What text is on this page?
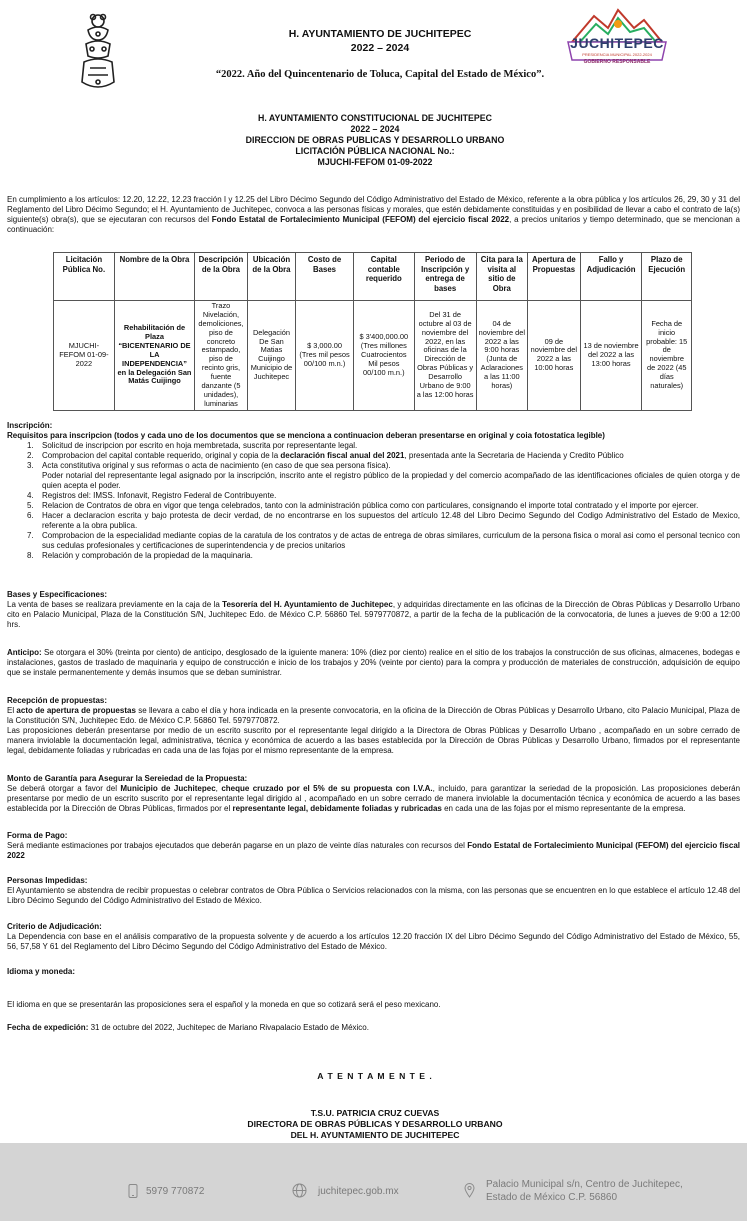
H. AYUNTAMIENTO DE JUCHITEPEC
2022 – 2024
“2022. Año del Quincentenario de Toluca, Capital del Estado de México”.
JUCHITEPEC
PRESIDENCIA MUNICIPAL 2022-2024
GOBIERNO RESPONSABLE
H. AYUNTAMIENTO CONSTITUCIONAL DE JUCHITEPEC
2022 – 2024
DIRECCION DE OBRAS PUBLICAS Y DESARROLLO URBANO
LICITACIÓN PÚBLICA NACIONAL No.:
MJUCHI-FEFOM 01-09-2022
En cumplimiento a los artículos: 12.20, 12.22, 12.23 fracción I y 12.25 del Libro Décimo Segundo del Código Administrativo del Estado de México, referente a la obra pública y los artículos 26, 29, 30 y 31 del Reglamento del Libro Décimo Segundo; el H. Ayuntamiento de Juchitepec, convoca a las personas físicas y morales, que estén debidamente constituidas y en posibilidad de llevar a cabo el contrato de la(s) siguiente(s) obra(s), que se ejecutaran con recursos del Fondo Estatal de Fortalecimiento Municipal (FEFOM) del ejercicio fiscal 2022, a precios unitarios y tiempo determinado, que se mencionan a continuación:
Licitación Pública No.	Nombre de la Obra	Descripción de la Obra	Ubicación de la Obra	Costo de Bases	Capital contable requerido	Periodo de Inscripción y entrega de bases	Cita para la visita al sitio de Obra	Apertura de Propuestas	Fallo y Adjudicación	Plazo de Ejecución
MJUCHI-FEFOM 01-09-2022	Rehabilitación de Plaza “BICENTENARIO DE LA INDEPENDENCIA” en la Delegación San Matás Cuijingo	Trazo Nivelación, demoliciones, piso de concreto estampado, piso de recinto gris, fuente danzante (5 unidades), luminarias	Delegación De San Matias Cuijingo Municipio de Juchitepec	$ 3,000.00 (Tres mil pesos 00/100 m.n.)	$ 3'400,000.00 (Tres millones Cuatrocientos Mil pesos 00/100 m.n.)	Del 31 de octubre al 03 de noviembre del 2022, en las oficinas de la Dirección de Obras Públicas y Desarrollo Urbano de 9:00 a las 12:00 horas	04 de noviembre del 2022 a las 9:00 horas (Junta de Aclaraciones a las 11:00 horas)	09 de noviembre del 2022 a las 10:00 horas	13 de noviembre del 2022 a las 13:00 horas	Fecha de inicio probable: 15 de noviembre de 2022 (45 días naturales)
Inscripción:
Requisitos para inscripcion (todos y cada uno de los documentos que se menciona a continuacion deberan presentarse en original y coia fotostatica legible)
1. Solicitud de inscripcion por escrito en hoja membretada, suscrita por representante legal.
2. Comprobacion del capital contable requerido, original y copia de la declaración fiscal anual del 2021, presentada ante la Secretaria de Hacienda y Credito Público
3. Acta constitutiva original y sus reformas o acta de nacimiento (en caso de que sea persona física).
Poder notarial del representante legal asignado por la inscripción, inscrito ante el registro público de la propiedad y del comercio acompañado de las identificaciones oficiales de quien otorga y de quien acepta el poder.
4. Registros del: IMSS. Infonavit, Registro Federal de Contribuyente.
5. Relacion de Contratos de obra en vigor que tenga celebrados, tanto con la administración pública como con particulares, consignando el importe total contratado y el importe por ejercer.
6. Hacer a declaracion escrita y bajo protesta de decir verdad, de no encontrarse en los supuestos del artículo 12.48 del Libro Decimo Segundo del Codigo Administrativo del Estado de Mexico, referente a la obra publica.
7. Comprobacion de la especialidad mediante copias de la caratula de los contratos y de actas de entrega de obras similares, curriculum de la persona fisica o moral asi como el personal tecnico con sus cedulas profesionales y certificaciones de superintendencia y de precios unitarios
8. Relación y comprobación de la propiedad de la maquinaria.
Bases y Especificaciones:
La venta de bases se realizara previamente en la caja de la Tesorería del H. Ayuntamiento de Juchitepec, y adquiridas directamente en las oficinas de la Dirección de Obras Públicas y Desarrollo Urbano cito en Palacio Municipal, Plaza de la Constitución S/N, Juchitepec Edo. de México C.P. 56860 Tel. 5979770872, a partir de la fecha de la publicación de la convocatoria, de lunes a jueves de 9:00 a 12:00 hrs.
Anticipo: Se otorgara el 30% (treinta por ciento) de anticipo, desglosado de la iguiente manera: 10% (diez por ciento) realice en el sitio de los trabajos la construcción de sus oficinas, almacenes, bodegas e instalaciones, gastos de traslado de maquinaria y equipo de construcción e inicio de los trabajos y 20% (veinte por ciento) para la compra y producción de materiales de construcción, adquisición de equipo que se instale permanentemente y demás insumos que se deban suministrar.
Recepción de propuestas:
El acto de apertura de propuestas se llevara a cabo el día y hora indicada en la presente convocatoria, en la oficina de la Dirección de Obras Públicas y Desarrollo Urbano, cito Palacio Municipal, Plaza de la Constitución S/N, Juchitepec Edo. de México C.P. 56860 Tel. 5979770872.
Las proposiciones deberán presentarse por medio de un escrito suscrito por el representante legal dirigido a la Directora de Obras Públicas y Desarrollo Urbano , acompañado en un sobre cerrado de manera inviolable la documentación legal, administrativa, técnica y económica de acuerdo a las bases establecida por la Dirección de Obras Públicas y Desarrollo Urbano, firmados por el representante legal, debidamente foliadas y rubricadas en cada una de las fojas por el mismo representante de la empresa.
Monto de Garantía para Asegurar la Sereiedad de la Propuesta:
Se deberá otorgar a favor del Municipio de Juchitepec, cheque cruzado por el 5% de su propuesta con I.V.A., incluido, para garantizar la seriedad de la proposición. Las proposiciones deberán presentarse por medio de un escrito suscrito por el representante legal dirigido al , acompañado en un sobre cerrado de manera inviolable la documentación técnica y económica de acuerdo a las bases establecida por la Dirección de Obras Públicas, firmados por el representante legal, debidamente foliadas y rubricadas en cada una de las fojas por el mismo representante de la empresa.
Forma de Pago:
Será mediante estimaciones por trabajos ejecutados que deberán pagarse en un plazo de veinte días naturales con recursos del Fondo Estatal de Fortalecimiento Municipal (FEFOM) del ejercicio fiscal 2022
Personas Impedidas:
El Ayuntamiento se abstendra de recibir propuestas o celebrar contratos de Obra Pública o Servicios relacionados con la misma, con las personas que se encuentren en lo que establece el artículo 12.48 del Libro Décimo Segundo del Código Administrativo del Estado de México.
Criterio de Adjudicación:
La Dependencia con base en el análisis comparativo de la propuesta solvente y de acuerdo a los artículos 12.20 fracción IX del Libro Décimo Segundo del Código Administrativo del Estado de México, 55, 56, 57,58 Y 61 del Reglamento del Libro Décimo Segundo del Código Administrativo del Estado de México.
Idioma y moneda:
El idioma en que se presentarán las proposiciones sera el español y la moneda en que so cotizará será el peso mexicano.
Fecha de expedición: 31 de octubre del 2022, Juchitepec de Mariano Rivapalacio Estado de México.
A T E N T A M E N T E .
T.S.U. PATRICIA CRUZ CUEVAS
DIRECTORA DE OBRAS PÚBLICAS Y DESARROLLO URBANO
DEL H. AYUNTAMIENTO DE JUCHITEPEC
5979 770872	juchitepec.gob.mx
Palacio Municipal s/n, Centro de Juchitepec,
Estado de México C.P. 56860
